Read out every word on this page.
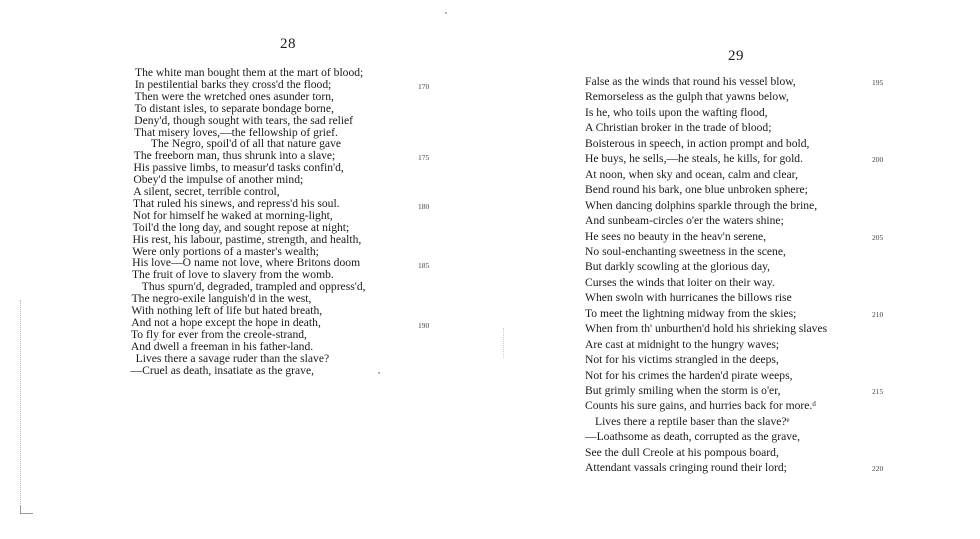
28
The white man bought them at the mart of blood;
In pestilential barks they cross'd the flood;
Then were the wretched ones asunder torn,
To distant isles, to separate bondage borne,
Deny'd, though sought with tears, the sad relief
That misery loves,—the fellowship of grief.
The Negro, spoil'd of all that nature gave
The freeborn man, thus shrunk into a slave;
His passive limbs, to measur'd tasks confin'd,
Obey'd the impulse of another mind;
A silent, secret, terrible control,
That ruled his sinews, and repress'd his soul.
Not for himself he waked at morning-light,
Toil'd the long day, and sought repose at night;
His rest, his labour, pastime, strength, and health,
Were only portions of a master's wealth;
His love—O name not love, where Britons doom
The fruit of love to slavery from the womb.
Thus spurn'd, degraded, trampled and oppress'd,
The negro-exile languish'd in the west,
With nothing left of life but hated breath,
And not a hope except the hope in death,
To fly for ever from the creole-strand,
And dwell a freeman in his father-land.
Lives there a savage ruder than the slave?
—Cruel as death, insatiate as the grave,
170
175
180
185
190
29
False as the winds that round his vessel blow,
Remorseless as the gulph that yawns below,
Is he, who toils upon the wafting flood,
A Christian broker in the trade of blood;
Boisterous in speech, in action prompt and bold,
He buys, he sells,—he steals, he kills, for gold.
At noon, when sky and ocean, calm and clear,
Bend round his bark, one blue unbroken sphere;
When dancing dolphins sparkle through the brine,
And sunbeam-circles o'er the waters shine;
He sees no beauty in the heav'n serene,
No soul-enchanting sweetness in the scene,
But darkly scowling at the glorious day,
Curses the winds that loiter on their way.
When swoln with hurricanes the billows rise
To meet the lightning midway from the skies;
When from th' unburthen'd hold his shrieking slaves
Are cast at midnight to the hungry waves;
Not for his victims strangled in the deeps,
Not for his crimes the harden'd pirate weeps,
But grimly smiling when the storm is o'er,
Counts his sure gains, and hurries back for more.ᵈ
Lives there a reptile baser than the slave?ᵉ
—Loathsome as death, corrupted as the grave,
See the dull Creole at his pompous board,
Attendant vassals cringing round their lord;
195
200
205
210
215
220
